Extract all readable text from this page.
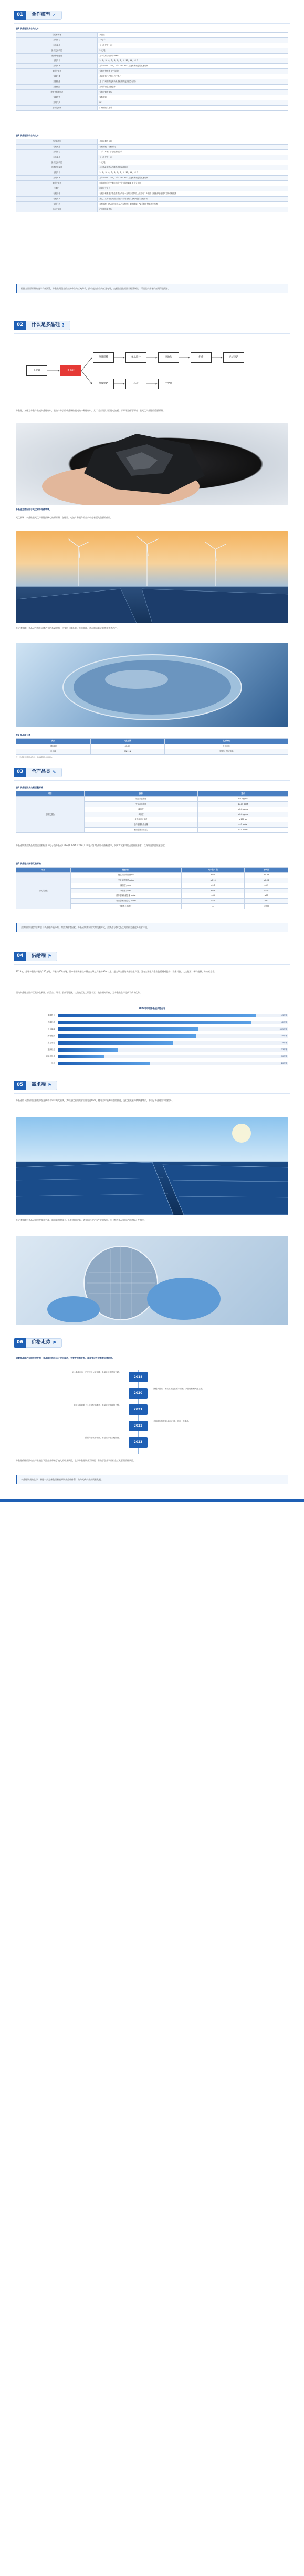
01	合作模型 ✓
表1 多晶硅期货合约文本
合约标的物	多晶硅
交易单位	3 吨/手
报价单位	元（人民币）/吨
最小变动价位	5 元/吨
涨跌停板幅度	上一交易日结算价 ±4%
合约月份	1、2、3、4、5、6、7、8、9、10、11、12 月
交易时间	上午 9:00-11:30，下午 1:30-3:00 及交易所规定的其他时间
最后交易日	合约月份的第 5 个交易日
交割日期	最后交易日后第 3 个交易日
交割品级	见《广州期货交易所多晶硅期货交割质量标准》
交割地点	交易所指定交割仓库
最低交易保证金	合约价值的 5%
交割方式	实物交割
交易代码	PS
上市交易所	广州期货交易所
表2 多晶硅期权合约文本
合约标的物	多晶硅期货合约
合约类型	看涨期权、看跌期权
交易单位	1 手（3 吨）多晶硅期货合约
报价单位	元（人民币）/吨
最小变动价位	1 元/吨
涨跌停板幅度	与多晶硅期货合约涨跌停板幅度相同
合约月份	1、2、3、4、5、6、7、8、9、10、11、12 月
交易时间	上午 9:00-11:30，下午 1:30-3:00 及交易所规定的其他时间
最后交易日	标的期货合约交割月份前一个月的倒数第 5 个交易日
到期日	同最后交易日
行权价格	行权价格覆盖多晶硅期货合约上一交易日结算价上下浮动 1.5 倍当日涨跌停板幅度对应的价格范围
行权方式	美式。买方可在到期日前任一交易日的交易时间提交行权申请
交易代码	看涨期权：PS-合约月份-C-行权价格；看跌期权：PS-合约月份-P-行权价格
上市交易所	广州期货交易所
根据主要原材料的投产节奏测算，多晶硅期货合约交割单位为三吨每手，最小变动价位为五元每吨，交割品级依据国家标准制定，可满足产业客户套期保值需求。
02	什么是多晶硅 ?
工业硅	多晶硅
单晶硅棒	单晶硅片	电池片	组件	光伏电站
集成电路	芯片	半导体
多晶硅，又称为多晶体硅或多晶硅材料，是由许多小的单晶颗粒组成的一种硅材料。其广泛应用于太阳能电池板、半导体器件等领域，是光伏产业链的重要原料。
多晶硅主要应用于光伏和半导体领域。
光伏领域：多晶硅是光伏产业链最核心的原材料，在硅片、电池片和组件的生产中起着至关重要的作用。
半导体领域：多晶硅作为半导体产业的基础材料，主要用于制备电子级单晶硅，进而制造集成电路和各类芯片。
表3 多晶硅分类
类别	纯度范围	应用领域
太阳能级	6N-9N	光伏电池
电子级	9N-11N	半导体、集成电路
注：多晶硅纯度用N表示，如6N即99.9999%。
03	全产品类 ✎
表4 多晶硅期货交割质量标准
项目	指标	要求
基准交割品	施主杂质浓度	≤0.5 ppba
	受主杂质浓度	≤0.15 ppba
	碳浓度	≤0.8 ppma
	氧浓度	≤0.8 ppma
	少数载流子寿命	≥100 μs
	基体金属杂质含量	≤15 ppbw
	表面金属杂质含量	≤15 ppbw
多晶硅期货交割品需满足国家标准《电子级多晶硅》（GB/T 12963-2022）中电子级3级的各项指标要求，同时对致密料的占比作出要求，以保证交割品质量稳定。
表5 多晶硅交割替代品标准
项目	检验项目	电子级 3 级	替代品
替代交割品	施主杂质浓度 ppba	≤0.5	≤0.68
	受主杂质浓度 ppba	≤0.15	≤0.26
	碳浓度 ppma	≤0.8	≤1.5
	氧浓度 ppma	≤0.8	≤1.0
	基体金属杂质含量 ppbw	≤15	≤50
	表面金属杂质含量 ppbw	≤15	≤30
	升贴水（元/吨）	—	-5000
交割库的设置综合考虑了多晶硅产能分布、物流条件等因素。多晶硅期货采用实物交割方式，交割品与替代品之间的价差通过升贴水体现。
04	供给端 ⚑
2023年，全球多晶硅产能约225万吨，产量约150万吨，其中中国多晶硅产量占全球总产量的90%以上，是全球主要的多晶硅生产国。国内主要生产企业包括通威股份、协鑫科技、大全能源、新特能源、东方希望等。
国内多晶硅主要产区集中在新疆、内蒙古、四川、云南等地区，这些地区电力资源丰富，电价相对较低，为多晶硅生产提供了成本优势。
2023年中国多晶硅产能分布
通威股份	43万吨
协鑫科技	42万吨
大全能源	30.5万吨
新特能源	30万吨
东方希望	25万吨
亚洲硅业	13万吨
丽豪半导体	10万吨
其他	20万吨
05	需求端 ⚑
多晶硅的下游应用主要集中在光伏和半导体两大领域，其中光伏领域需求占比超过95%。随着全球能源转型的推进，光伏装机量持续快速增长，带动了多晶硅需求的提升。
半导体领域对多晶硅的纯度要求更高，需求量相对较小，但附加值较高。随着国内半导体产业的发展，电子级多晶硅的国产化进程正在加快。
06	价格走势 ⚑
随着多晶硅产业的快速发展，多晶硅价格经历了较大波动，主要受供需关系、成本变化及政策等因素影响。
531新政出台，光伏补贴大幅退坡，多晶硅价格快速下跌。
2018
2020
新疆多晶硅厂事故叠加光伏需求回暖，多晶硅价格大幅上涨。
能耗双控政策下工业硅价格飙升，多晶硅价格持续上涨。
2021
2022
多晶硅价格突破30万元/吨，创近十年新高。
新增产能集中释放，多晶硅价格大幅回落。
2023
多晶硅价格的波动给产业链上下游企业带来了较大的经营风险，上市多晶硅期货及期权，有助于企业利用衍生工具管理价格风险。
多晶硅期货的上市，将进一步完善我国新能源期货品种体系，助力光伏产业高质量发展。
